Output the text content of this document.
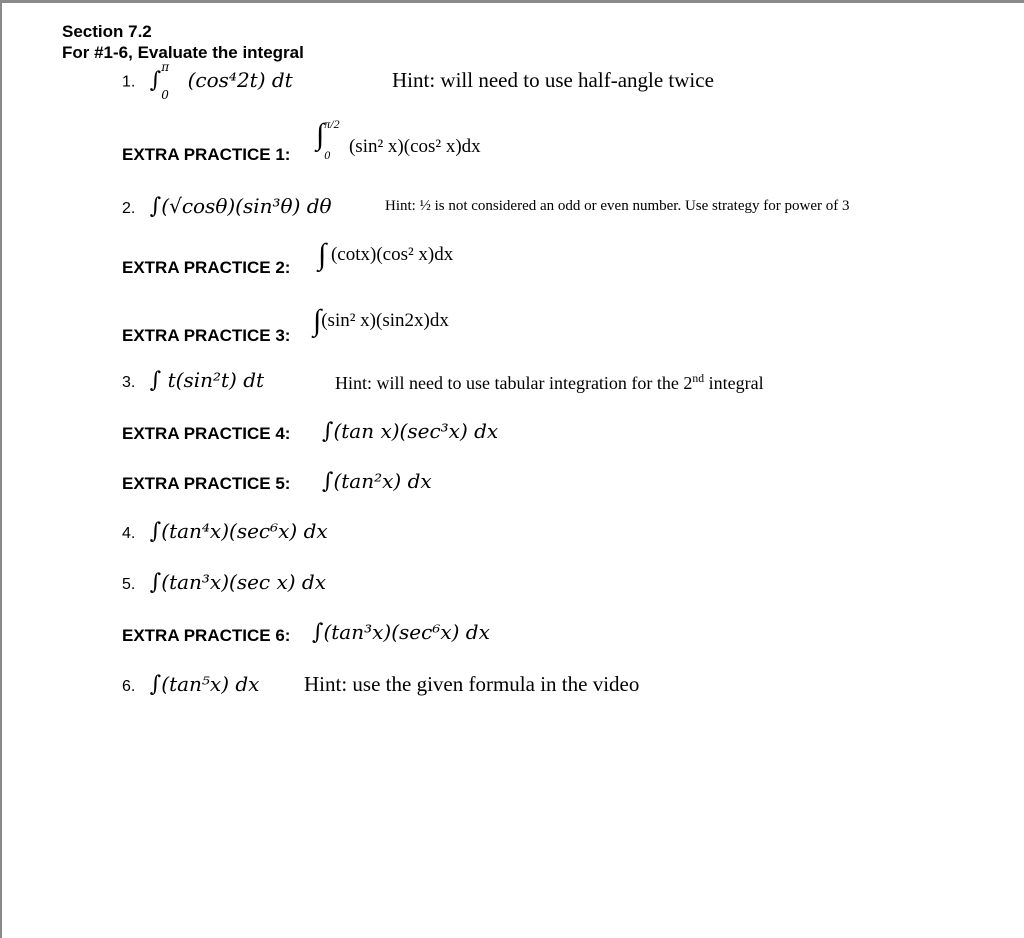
Section 7.2
For #1-6, Evaluate the integral
1. ∫
π
0
(cos⁴2t) dt	Hint: will need to use half-angle twice
EXTRA PRACTICE 1:
∫ π/2
0 (sin² x)(cos² x)dx
2. ∫(√cosθ)(sin³θ) dθ	Hint: ½ is not considered an odd or even number. Use strategy for power of 3
EXTRA PRACTICE 2: ∫ (cotx)(cos² x)dx
EXTRA PRACTICE 3: ∫(sin² x)(sin2x)dx
3. ∫ t(sin²t) dt	Hint: will need to use tabular integration for the 2nd integral
EXTRA PRACTICE 4: ∫(tan x)(sec³x) dx
EXTRA PRACTICE 5: ∫(tan²x) dx
4. ∫(tan⁴x)(sec⁶x) dx
5. ∫(tan³x)(sec x) dx
EXTRA PRACTICE 6: ∫(tan³x)(sec⁶x) dx
6. ∫(tan⁵x) dx Hint: use the given formula in the video
